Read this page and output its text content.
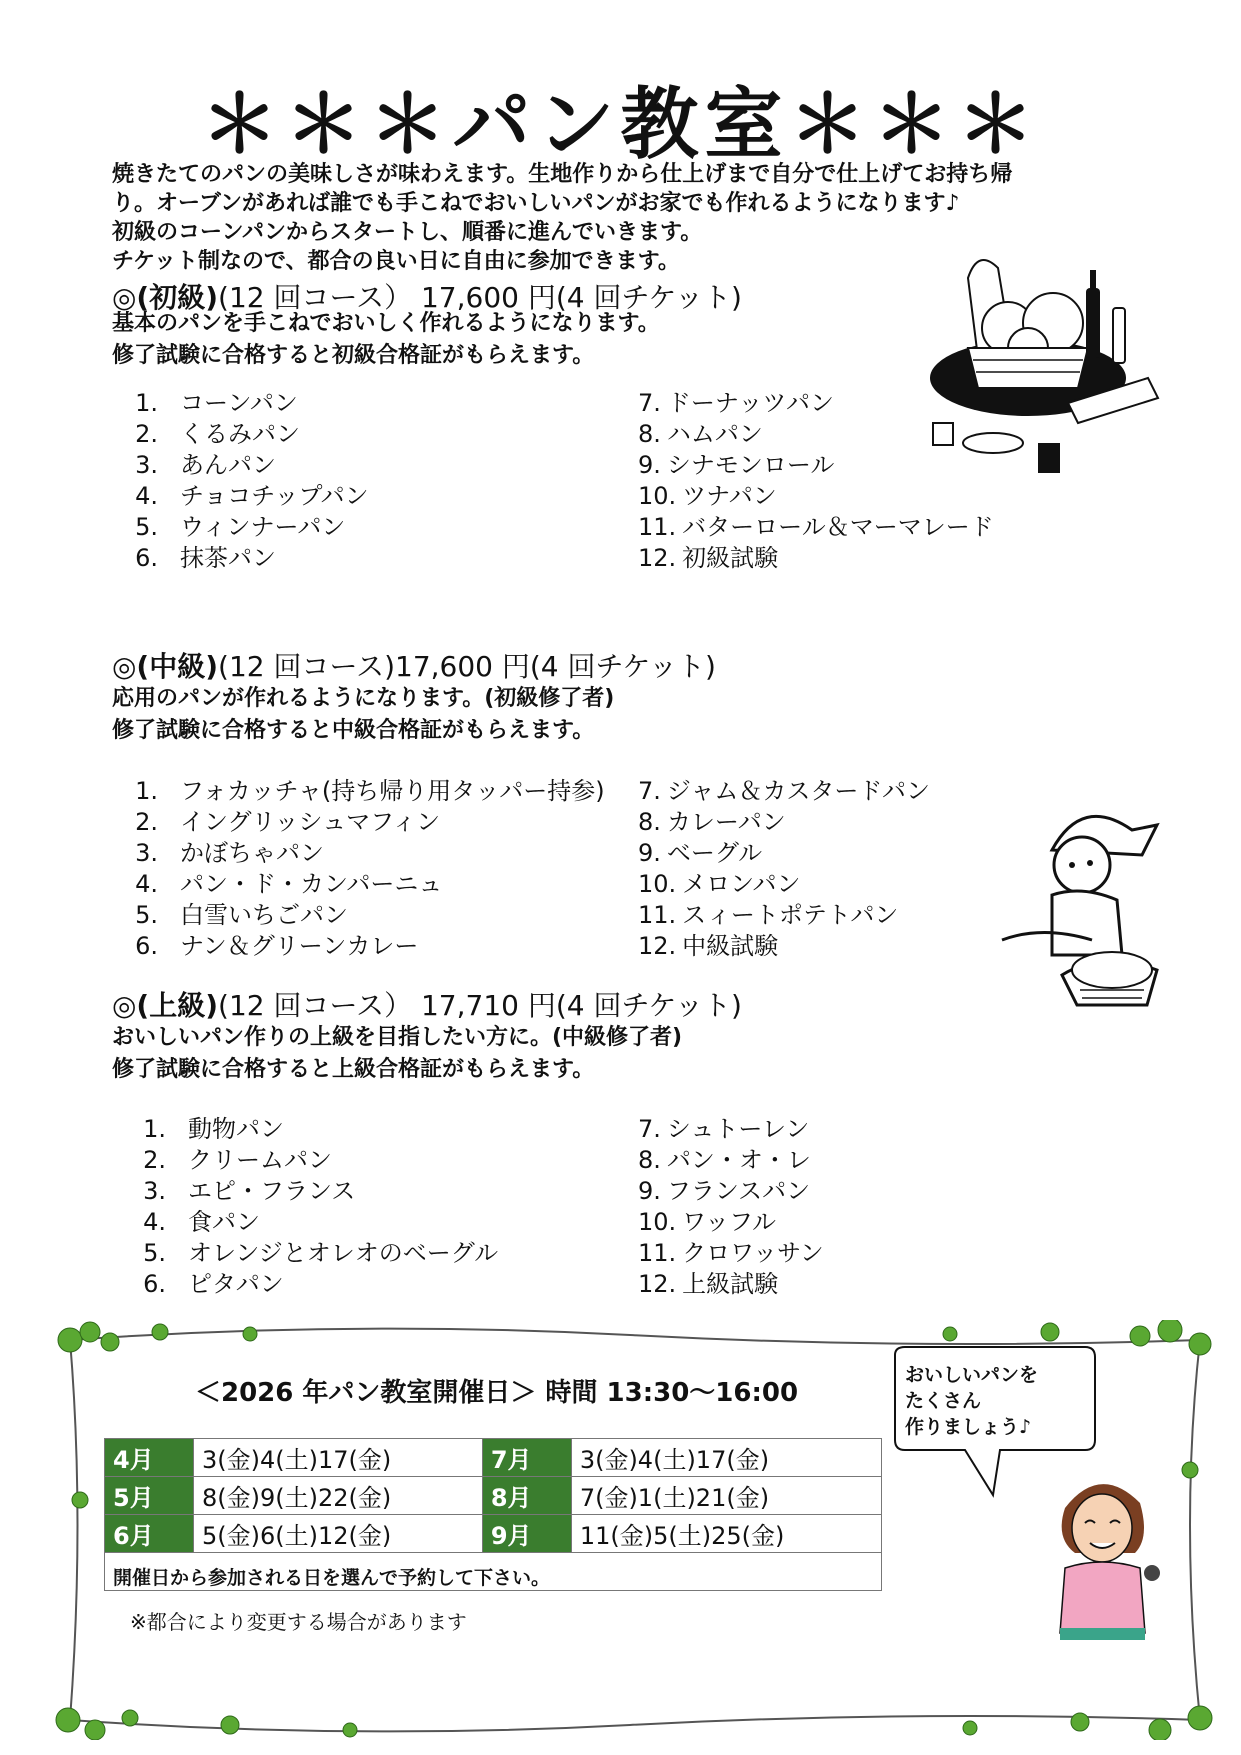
＊＊＊パン教室＊＊＊
焼きたてのパンの美味しさが味わえます。生地作りから仕上げまで自分で仕上げてお持ち帰
り。オーブンがあれば誰でも手こねでおいしいパンがお家でも作れるようになります♪
初級のコーンパンからスタートし、順番に進んでいきます。
チケット制なので、都合の良い日に自由に参加できます。
◎(初級)(12 回コース） 17,600 円(4 回チケット)
基本のパンを手こねでおいしく作れるようになります。
修了試験に合格すると初級合格証がもらえます。
1. コーンパン
2. くるみパン
3. あんパン
4. チョコチップパン
5. ウィンナーパン
6. 抹茶パン
7. ドーナッツパン
8. ハムパン
9. シナモンロール
10. ツナパン
11. バターロール＆マーマレード
12. 初級試験
◎(中級)(12 回コース)17,600 円(4 回チケット)
応用のパンが作れるようになります。(初級修了者)
修了試験に合格すると中級合格証がもらえます。
1. フォカッチャ(持ち帰り用タッパー持参)
2. イングリッシュマフィン
3. かぼちゃパン
4. パン・ド・カンパーニュ
5. 白雪いちごパン
6. ナン＆グリーンカレー
7. ジャム＆カスタードパン
8. カレーパン
9. ベーグル
10. メロンパン
11. スィートポテトパン
12. 中級試験
◎(上級)(12 回コース） 17,710 円(4 回チケット)
おいしいパン作りの上級を目指したい方に。(中級修了者)
修了試験に合格すると上級合格証がもらえます。
1. 動物パン
2. クリームパン
3. エピ・フランス
4. 食パン
5. オレンジとオレオのベーグル
6. ピタパン
7. シュトーレン
8. パン・オ・レ
9. フランスパン
10. ワッフル
11. クロワッサン
12. 上級試験
＜2026 年パン教室開催日＞ 時間 13:30～16:00
4月	3(金)4(土)17(金)	7月	3(金)4(土)17(金)
5月	8(金)9(土)22(金)	8月	7(金)1(土)21(金)
6月	5(金)6(土)12(金)	9月	11(金)5(土)25(金)
開催日から参加される日を選んで予約して下さい。			
※都合により変更する場合があります
おいしいパンを
たくさん
作りましょう♪
